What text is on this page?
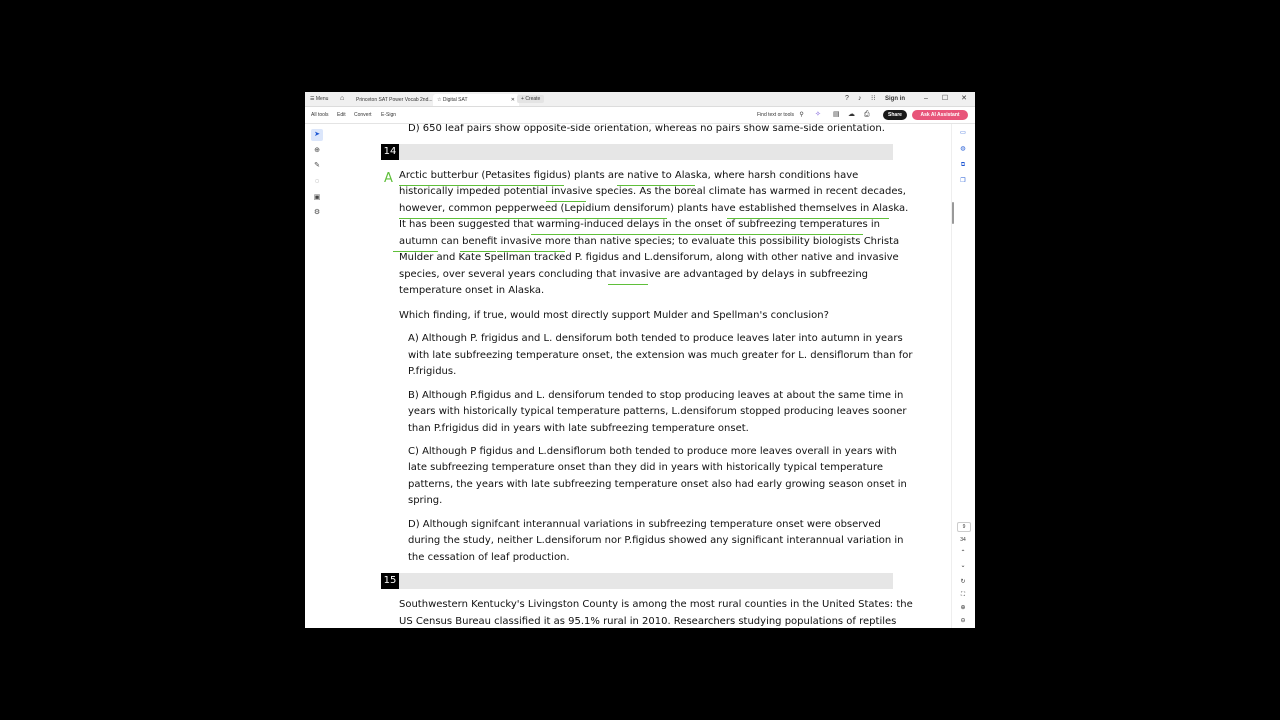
☰ Menu ⌂	Princeton SAT Power Vocab 2nd... ☆ Digital SAT	✕	+ Create	? ♪ ⁝⁝ Sign in	–	☐	✕
All tools Edit Convert E-Sign	Find text or tools ⚲ ✧ ▤ ☁ ⎙	Share	Ask AI Assistant
➤
⊕
✎
◌
▣
⚙
D) 650 leaf pairs show opposite-side orientation, whereas no pairs show same-side orientation.
14
A Arctic butterbur (Petasites figidus) plants are native to Alaska, where harsh conditions have
historically impeded potential invasive species. As the boreal climate has warmed in recent decades,
however, common pepperweed (Lepidium densiforum) plants have established themselves in Alaska.
It has been suggested that warming-induced delays in the onset of subfreezing temperatures in
autumn can benefit invasive more than native species; to evaluate this possibility biologists Christa
Mulder and Kate Spellman tracked P. figidus and L.densiforum, along with other native and invasive
species, over several years concluding that invasive are advantaged by delays in subfreezing
temperature onset in Alaska.
Which finding, if true, would most directly support Mulder and Spellman's conclusion?
A) Although P. frigidus and L. densiforum both tended to produce leaves later into autumn in years
with late subfreezing temperature onset, the extension was much greater for L. densiflorum than for
P.frigidus.
B) Although P.figidus and L. densiforum tended to stop producing leaves at about the same time in
years with historically typical temperature patterns, L.densiforum stopped producing leaves sooner
than P.frigidus did in years with late subfreezing temperature onset.
C) Although P figidus and L.densiflorum both tended to produce more leaves overall in years with
late subfreezing temperature onset than they did in years with historically typical temperature
patterns, the years with late subfreezing temperature onset also had early growing season onset in
spring.
D) Although signifcant interannual variations in subfreezing temperature onset were observed
during the study, neither L.densiforum nor P.figidus showed any significant interannual variation in
the cessation of leaf production.
15
Southwestern Kentucky's Livingston County is among the most rural counties in the United States: the
US Census Bureau classified it as 95.1% rural in 2010. Researchers studying populations of reptiles
▭
◍
⧉
❐
9
34
⌃
⌄
↻
⛶
⊕
⊖
